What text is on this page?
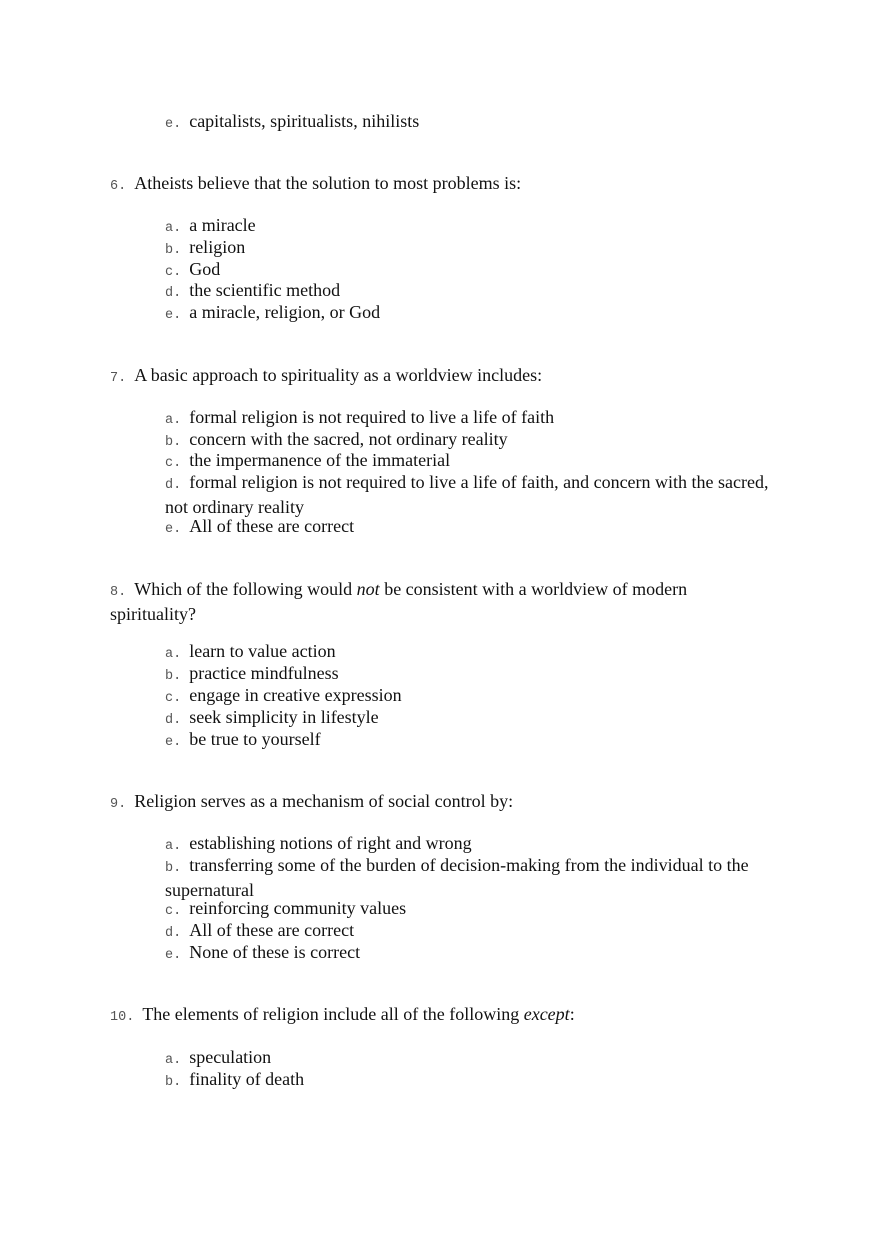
e. capitalists, spiritualists, nihilists
6. Atheists believe that the solution to most problems is:
a. a miracle
b. religion
c. God
d. the scientific method
e. a miracle, religion, or God
7. A basic approach to spirituality as a worldview includes:
a. formal religion is not required to live a life of faith
b. concern with the sacred, not ordinary reality
c. the impermanence of the immaterial
d. formal religion is not required to live a life of faith, and concern with the sacred, not ordinary reality
e. All of these are correct
8. Which of the following would not be consistent with a worldview of modern spirituality?
a. learn to value action
b. practice mindfulness
c. engage in creative expression
d. seek simplicity in lifestyle
e. be true to yourself
9. Religion serves as a mechanism of social control by:
a. establishing notions of right and wrong
b. transferring some of the burden of decision-making from the individual to the supernatural
c. reinforcing community values
d. All of these are correct
e. None of these is correct
10. The elements of religion include all of the following except:
a. speculation
b. finality of death
